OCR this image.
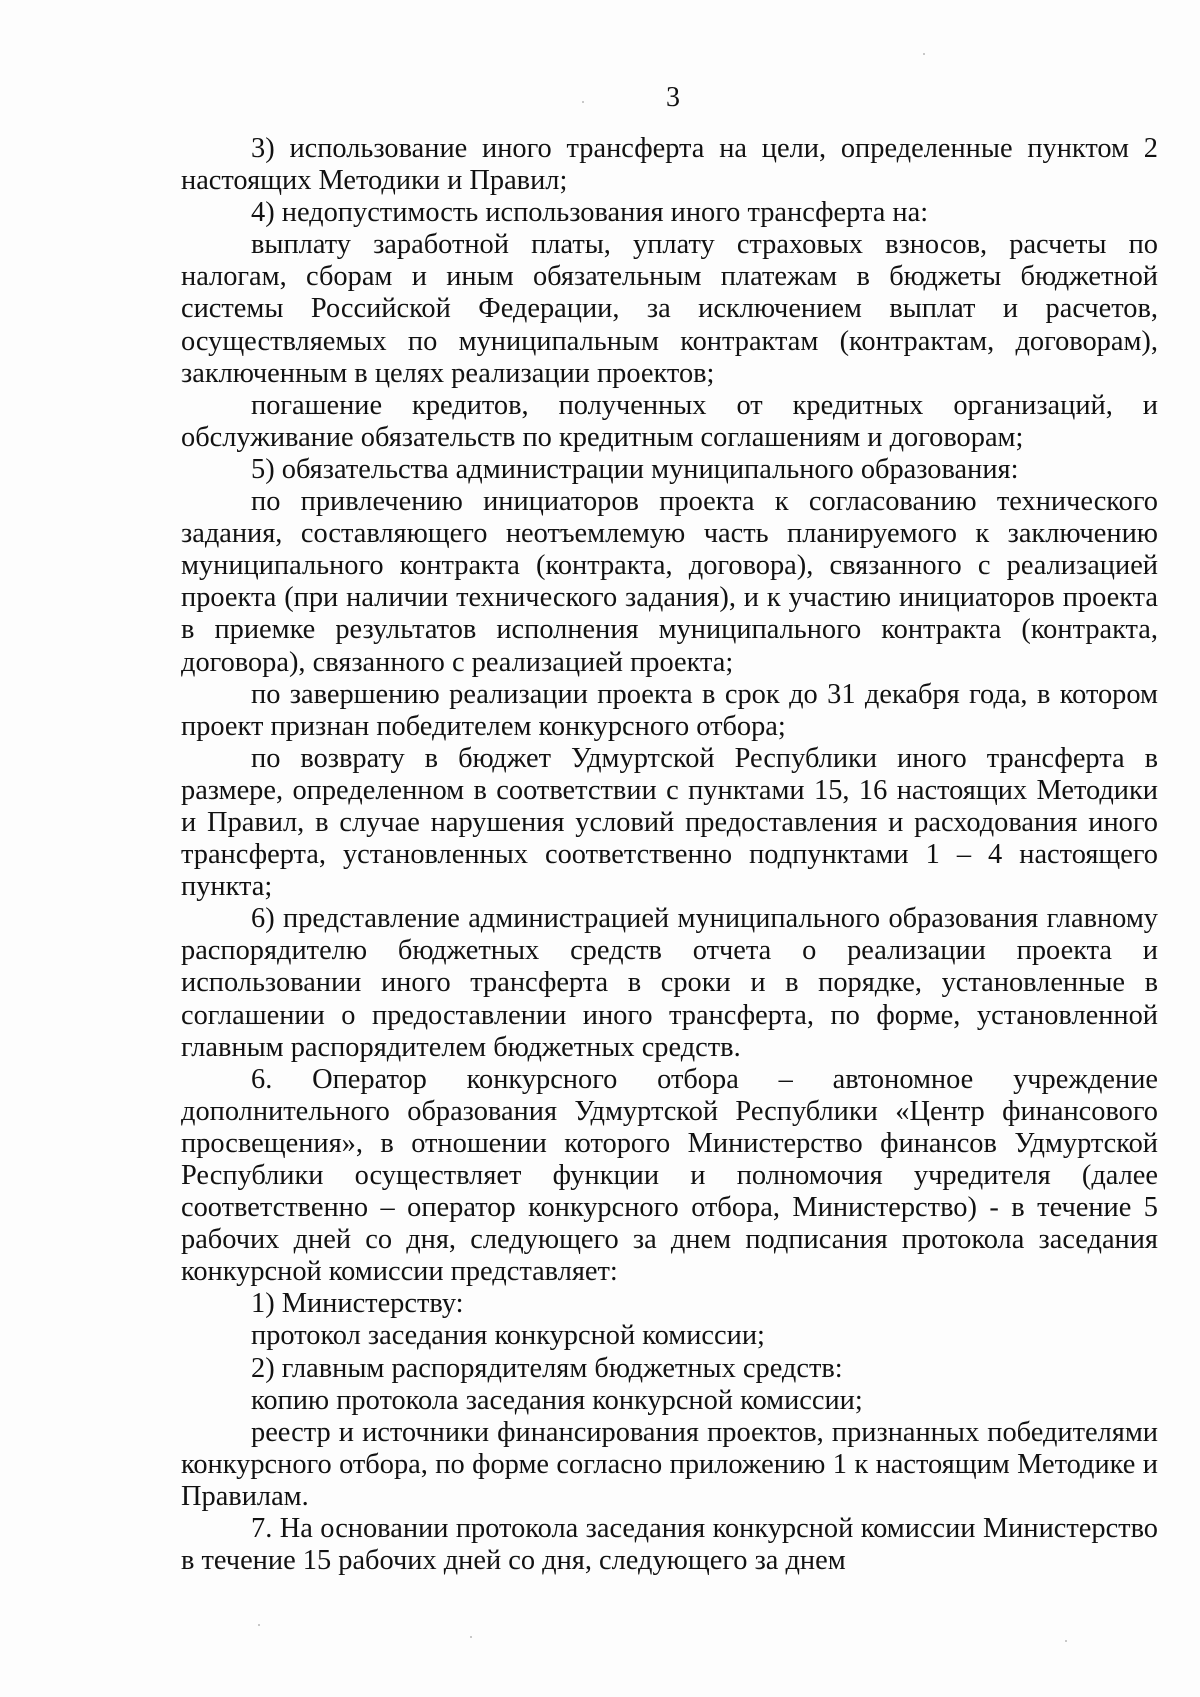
3

3) использование иного трансферта на цели, определенные пунктом 2 настоящих Методики и Правил;

4) недопустимость использования иного трансферта на:

выплату заработной платы, уплату страховых взносов, расчеты по налогам, сборам и иным обязательным платежам в бюджеты бюджетной системы Российской Федерации, за исключением выплат и расчетов, осуществляемых по муниципальным контрактам (контрактам, договорам), заключенным в целях реализации проектов;

погашение кредитов, полученных от кредитных организаций, и обслуживание обязательств по кредитным соглашениям и договорам;

5) обязательства администрации муниципального образования:

по привлечению инициаторов проекта к согласованию технического задания, составляющего неотъемлемую часть планируемого к заключению муниципального контракта (контракта, договора), связанного с реализацией проекта (при наличии технического задания), и к участию инициаторов проекта в приемке результатов исполнения муниципального контракта (контракта, договора), связанного с реализацией проекта;

по завершению реализации проекта в срок до 31 декабря года, в котором проект признан победителем конкурсного отбора;

по возврату в бюджет Удмуртской Республики иного трансферта в размере, определенном в соответствии с пунктами 15, 16 настоящих Методики и Правил, в случае нарушения условий предоставления и расходования иного трансферта, установленных соответственно подпунктами 1 – 4 настоящего пункта;

6) представление администрацией муниципального образования главному распорядителю бюджетных средств отчета о реализации проекта и использовании иного трансферта в сроки и в порядке, установленные в соглашении о предоставлении иного трансферта, по форме, установленной главным распорядителем бюджетных средств.

6. Оператор конкурсного отбора – автономное учреждение дополнительного образования Удмуртской Республики «Центр финансового просвещения», в отношении которого Министерство финансов Удмуртской Республики осуществляет функции и полномочия учредителя (далее соответственно – оператор конкурсного отбора, Министерство) - в течение 5 рабочих дней со дня, следующего за днем подписания протокола заседания конкурсной комиссии представляет:

1) Министерству:

протокол заседания конкурсной комиссии;

2) главным распорядителям бюджетных средств:

копию протокола заседания конкурсной комиссии;

реестр и источники финансирования проектов, признанных победителями конкурсного отбора, по форме согласно приложению 1 к настоящим Методике и Правилам.

7. На основании протокола заседания конкурсной комиссии Министерство в течение 15 рабочих дней со дня, следующего за днем
